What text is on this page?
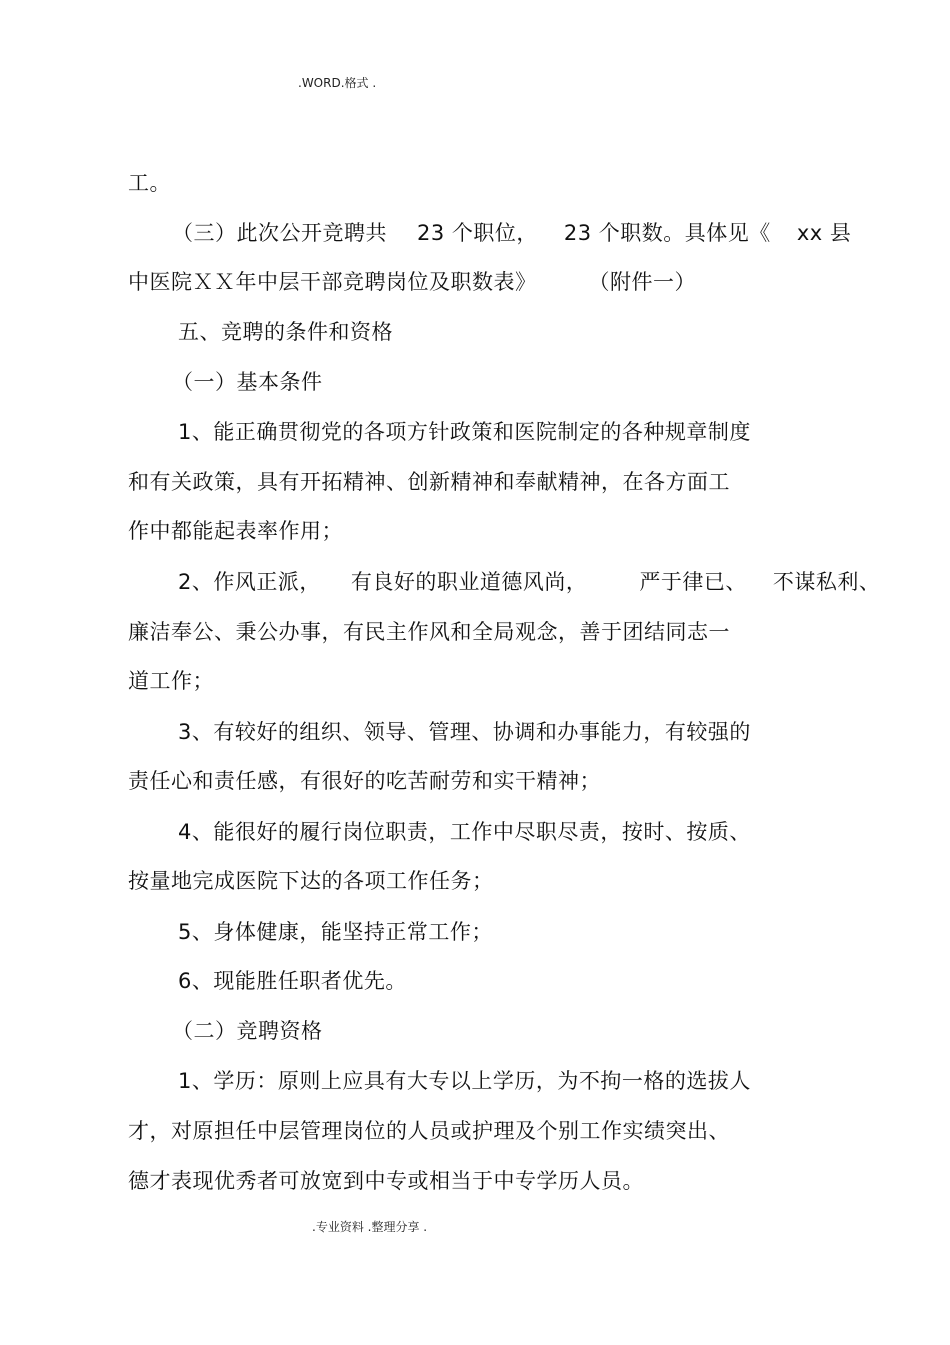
.WORD.格式 .
工。
（三）此次公开竞聘共 23 个职位， 23 个职数。具体见《 xx 县
中医院ＸＸ年中层干部竞聘岗位及职数表》 （附件一）
五、竞聘的条件和资格
（一）基本条件
1、能正确贯彻党的各项方针政策和医院制定的各种规章制度
和有关政策，具有开拓精神、创新精神和奉献精神，在各方面工
作中都能起表率作用；
2、作风正派， 有良好的职业道德风尚， 严于律已、 不谋私利、
廉洁奉公、秉公办事，有民主作风和全局观念，善于团结同志一
道工作；
3、有较好的组织、领导、管理、协调和办事能力，有较强的
责任心和责任感，有很好的吃苦耐劳和实干精神；
4、能很好的履行岗位职责，工作中尽职尽责，按时、按质、
按量地完成医院下达的各项工作任务；
5、身体健康，能坚持正常工作；
6、现能胜任职者优先。
（二）竞聘资格
1、学历：原则上应具有大专以上学历，为不拘一格的选拔人
才，对原担任中层管理岗位的人员或护理及个别工作实绩突出、
德才表现优秀者可放宽到中专或相当于中专学历人员。
.专业资料 .整理分享 .
